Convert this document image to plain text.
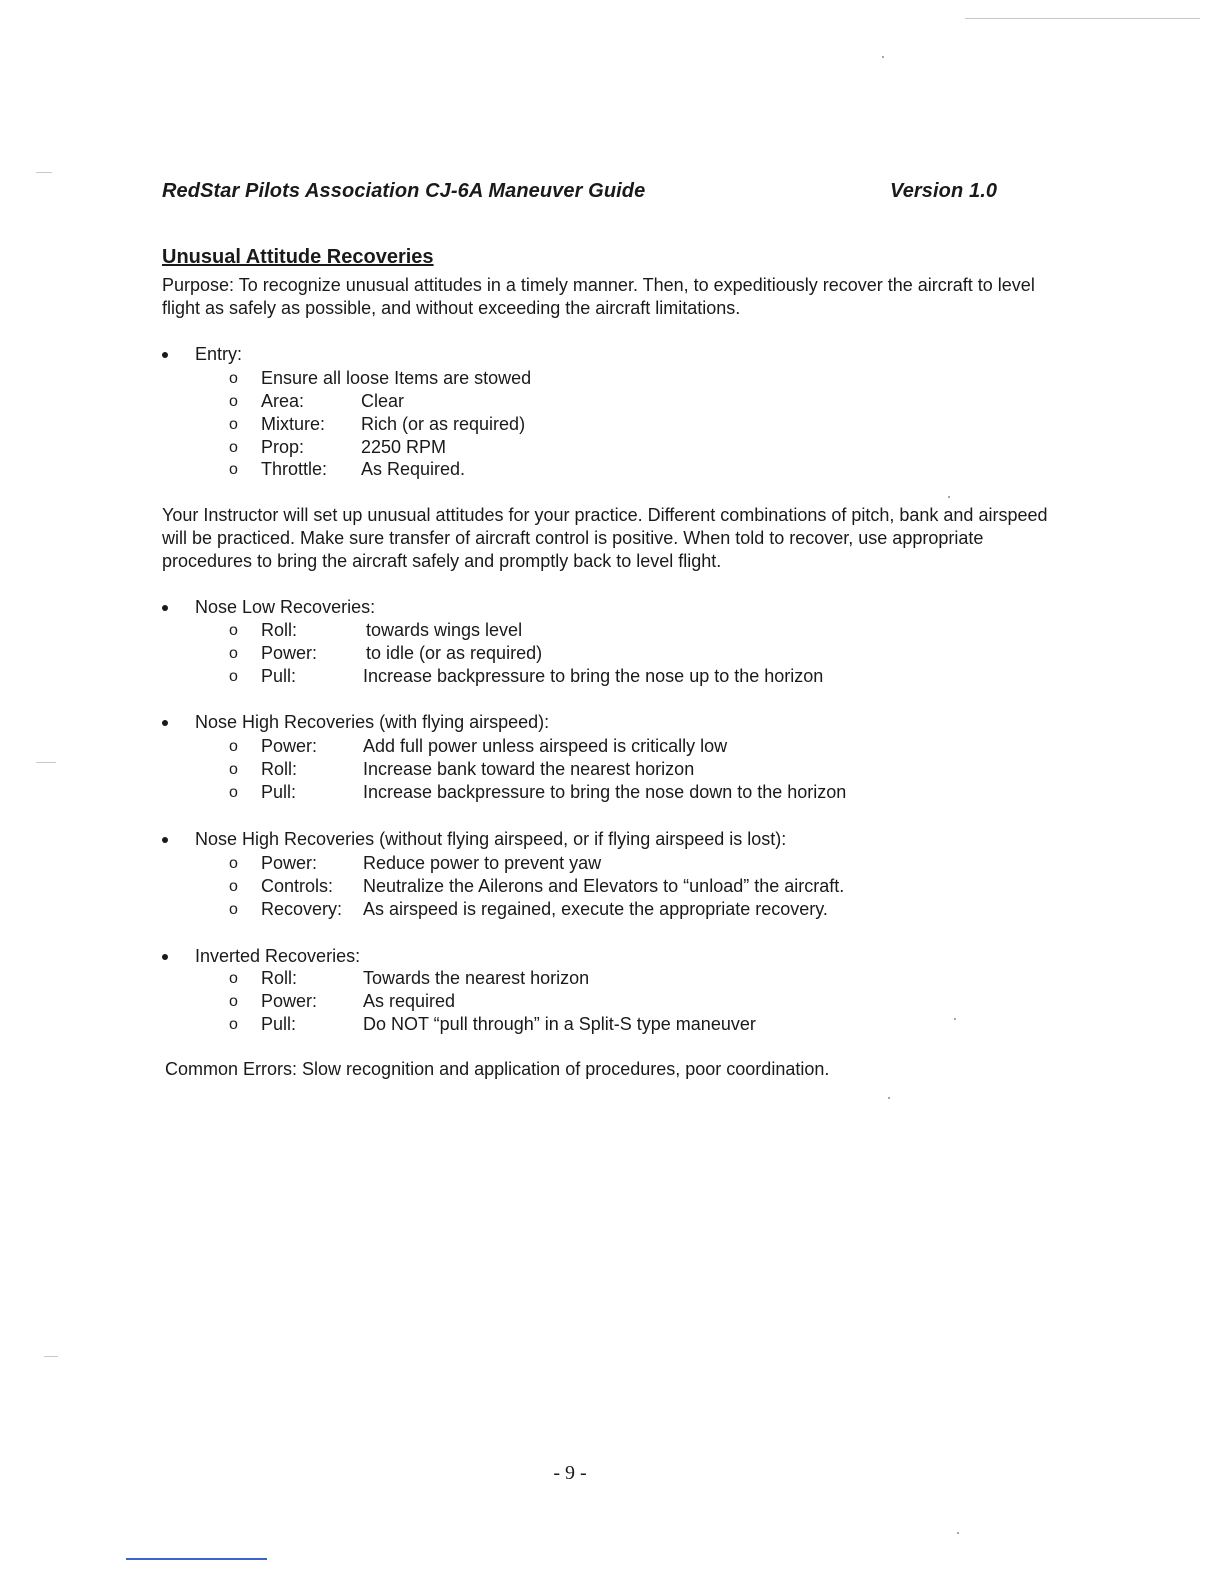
RedStar Pilots Association CJ-6A Maneuver Guide	Version 1.0
Unusual Attitude Recoveries
Purpose: To recognize unusual attitudes in a timely manner. Then, to expeditiously recover the aircraft to level flight as safely as possible, and without exceeding the aircraft limitations.
Entry:
o Ensure all loose Items are stowed
o Area:	Clear
o Mixture: Rich (or as required)
o Prop:	2250 RPM
o Throttle: As Required.
Your Instructor will set up unusual attitudes for your practice. Different combinations of pitch, bank and airspeed will be practiced. Make sure transfer of aircraft control is positive. When told to recover, use appropriate procedures to bring the aircraft safely and promptly back to level flight.
Nose Low Recoveries:
o Roll:	towards wings level
o Power:	to idle (or as required)
o Pull:	Increase backpressure to bring the nose up to the horizon
Nose High Recoveries (with flying airspeed):
o Power:	Add full power unless airspeed is critically low
o Roll:	Increase bank toward the nearest horizon
o Pull:	Increase backpressure to bring the nose down to the horizon
Nose High Recoveries (without flying airspeed, or if flying airspeed is lost):
o Power:	Reduce power to prevent yaw
o Controls: Neutralize the Ailerons and Elevators to “unload” the aircraft.
o Recovery: As airspeed is regained, execute the appropriate recovery.
Inverted Recoveries:
o Roll:	Towards the nearest horizon
o Power:	As required
o Pull:	Do NOT “pull through” in a Split-S type maneuver
Common Errors: Slow recognition and application of procedures, poor coordination.
- 9 -
